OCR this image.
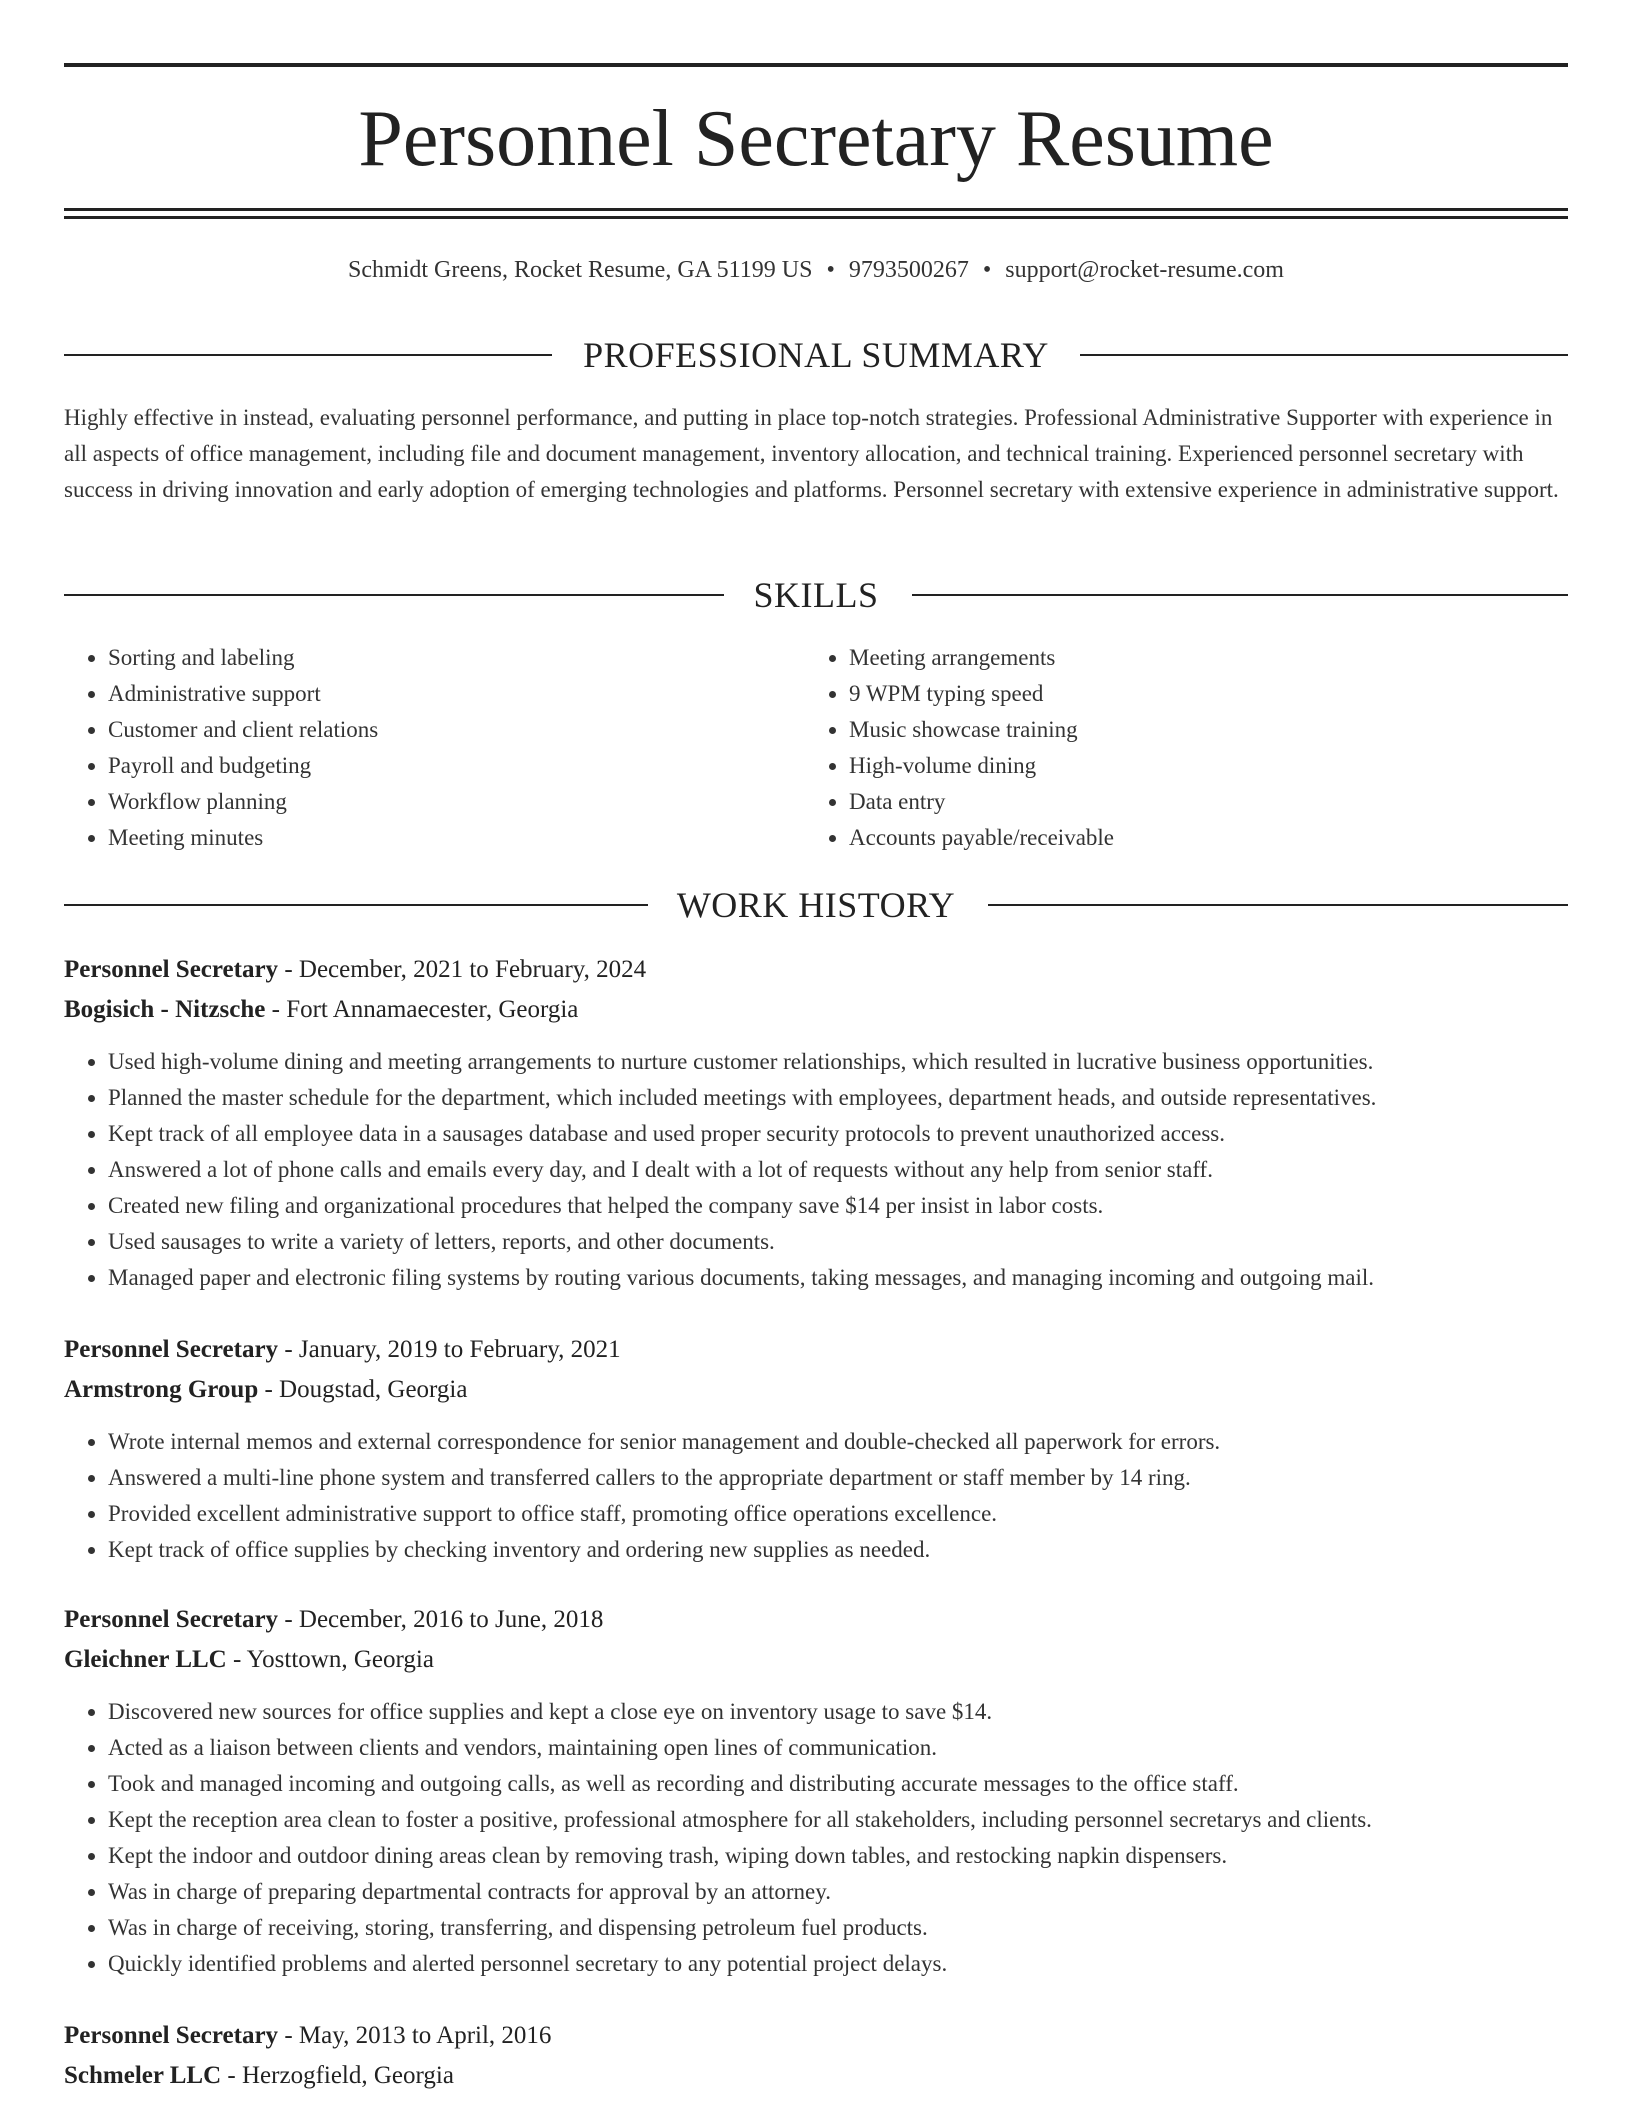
Personnel Secretary Resume
Schmidt Greens, Rocket Resume, GA 51199 US • 9793500267 • support@rocket-resume.com
PROFESSIONAL SUMMARY

Highly effective in instead, evaluating personnel performance, and putting in place top-notch strategies. Professional Administrative Supporter with experience in all aspects of office management, including file and document management, inventory allocation, and technical training. Experienced personnel secretary with success in driving innovation and early adoption of emerging technologies and platforms. Personnel secretary with extensive experience in administrative support.

SKILLS
• Sorting and labeling
• Administrative support
• Customer and client relations
• Payroll and budgeting
• Workflow planning
• Meeting minutes
• Meeting arrangements
• 9 WPM typing speed
• Music showcase training
• High-volume dining
• Data entry
• Accounts payable/receivable
WORK HISTORY
Personnel Secretary - December, 2021 to February, 2024
Bogisich - Nitzsche - Fort Annamaecester, Georgia
• Used high-volume dining and meeting arrangements to nurture customer relationships, which resulted in lucrative business opportunities.
• Planned the master schedule for the department, which included meetings with employees, department heads, and outside representatives.
• Kept track of all employee data in a sausages database and used proper security protocols to prevent unauthorized access.
• Answered a lot of phone calls and emails every day, and I dealt with a lot of requests without any help from senior staff.
• Created new filing and organizational procedures that helped the company save $14 per insist in labor costs.
• Used sausages to write a variety of letters, reports, and other documents.
• Managed paper and electronic filing systems by routing various documents, taking messages, and managing incoming and outgoing mail.
Personnel Secretary - January, 2019 to February, 2021
Armstrong Group - Dougstad, Georgia
• Wrote internal memos and external correspondence for senior management and double-checked all paperwork for errors.
• Answered a multi-line phone system and transferred callers to the appropriate department or staff member by 14 ring.
• Provided excellent administrative support to office staff, promoting office operations excellence.
• Kept track of office supplies by checking inventory and ordering new supplies as needed.
Personnel Secretary - December, 2016 to June, 2018
Gleichner LLC - Yosttown, Georgia
• Discovered new sources for office supplies and kept a close eye on inventory usage to save $14.
• Acted as a liaison between clients and vendors, maintaining open lines of communication.
• Took and managed incoming and outgoing calls, as well as recording and distributing accurate messages to the office staff.
• Kept the reception area clean to foster a positive, professional atmosphere for all stakeholders, including personnel secretarys and clients.
• Kept the indoor and outdoor dining areas clean by removing trash, wiping down tables, and restocking napkin dispensers.
• Was in charge of preparing departmental contracts for approval by an attorney.
• Was in charge of receiving, storing, transferring, and dispensing petroleum fuel products.
• Quickly identified problems and alerted personnel secretary to any potential project delays.
Personnel Secretary - May, 2013 to April, 2016
Schmeler LLC - Herzogfield, Georgia
